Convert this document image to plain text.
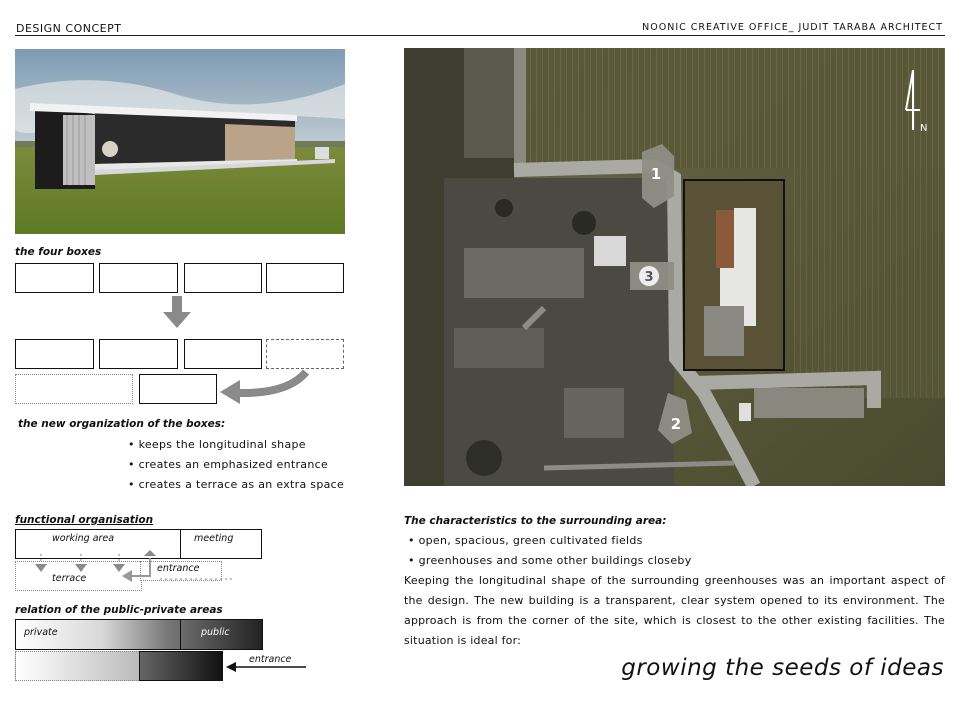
DESIGN CONCEPT	NOONIC CREATIVE OFFICE_ JUDIT TARABA ARCHITECT
the four boxes
the new organization of the boxes:
• keeps the longitudinal shape
• creates an emphasized entrance
• creates a terrace as an extra space
functional organisation
working area	meeting
terrace
entrance
relation of the public-private areas
private	public
entrance
1
2
3
N
The characteristics to the surrounding area:
• open, spacious, green cultivated fields
• greenhouses and some other buildings closeby
Keeping the longitudinal shape of the surrounding greenhouses was an important aspect of the design. The new building is a transparent, clear system opened to its environment. The approach is from the corner of the site, which is closest to the other existing facilities. The situation is ideal for:
growing the seeds of ideas
